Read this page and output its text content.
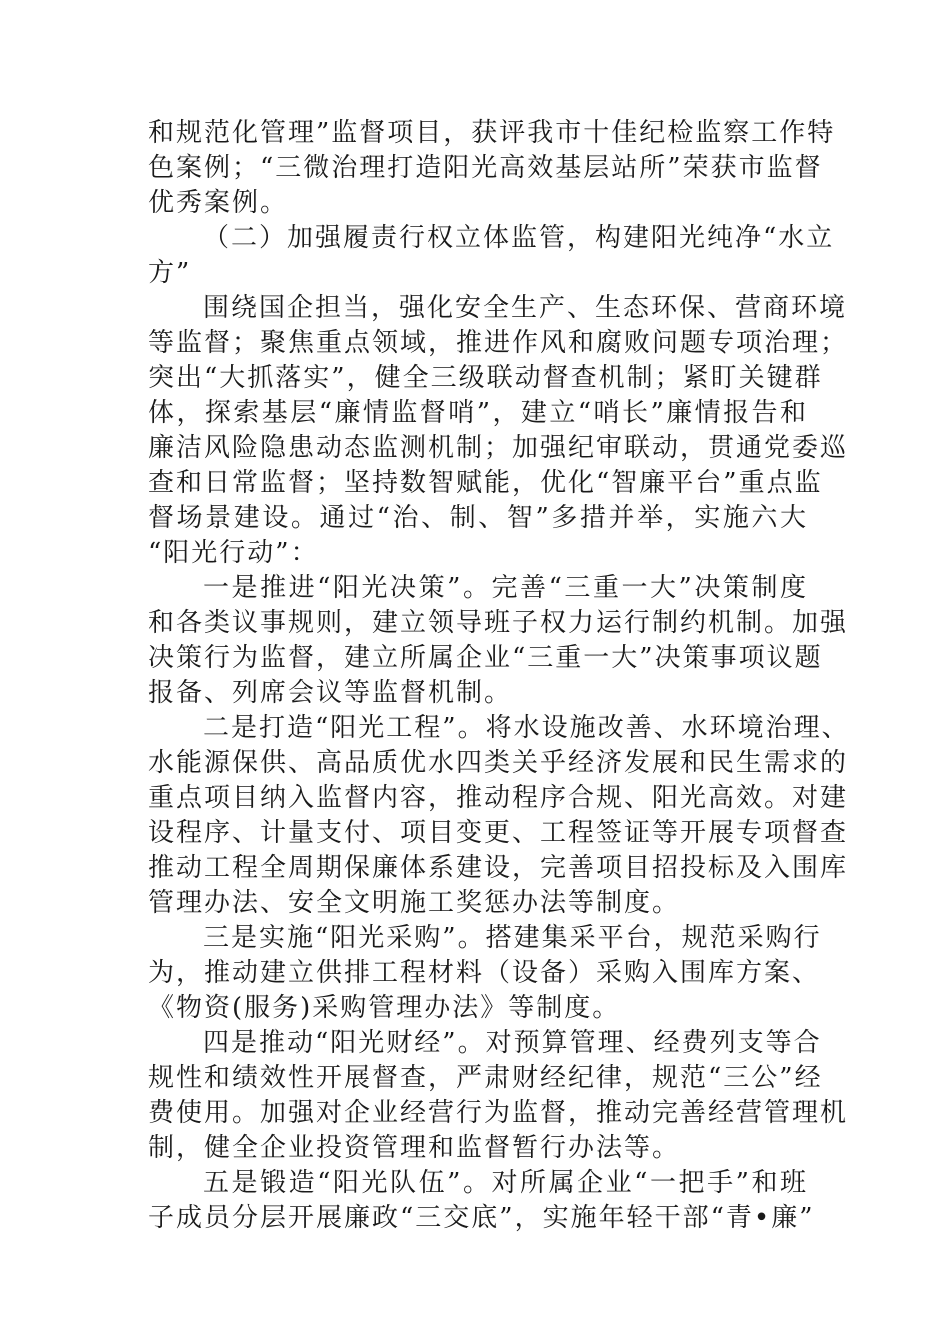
和规范化管理”监督项目，获评我市十佳纪检监察工作特
色案例；“三微治理打造阳光高效基层站所”荣获市监督
优秀案例。
（二）加强履责行权立体监管，构建阳光纯净“水立
方”
围绕国企担当，强化安全生产、生态环保、营商环境
等监督；聚焦重点领域，推进作风和腐败问题专项治理；
突出“大抓落实”，健全三级联动督查机制；紧盯关键群
体，探索基层“廉情监督哨”，建立“哨长”廉情报告和
廉洁风险隐患动态监测机制；加强纪审联动，贯通党委巡
查和日常监督；坚持数智赋能，优化“智廉平台”重点监
督场景建设。通过“治、制、智”多措并举，实施六大
“阳光行动”：
一是推进“阳光决策”。完善“三重一大”决策制度
和各类议事规则，建立领导班子权力运行制约机制。加强
决策行为监督，建立所属企业“三重一大”决策事项议题
报备、列席会议等监督机制。
二是打造“阳光工程”。将水设施改善、水环境治理、
水能源保供、高品质优水四类关乎经济发展和民生需求的
重点项目纳入监督内容，推动程序合规、阳光高效。对建
设程序、计量支付、项目变更、工程签证等开展专项督查
推动工程全周期保廉体系建设，完善项目招投标及入围库
管理办法、安全文明施工奖惩办法等制度。
三是实施“阳光采购”。搭建集采平台，规范采购行
为，推动建立供排工程材料（设备）采购入围库方案、
《物资(服务)采购管理办法》等制度。
四是推动“阳光财经”。对预算管理、经费列支等合
规性和绩效性开展督查，严肃财经纪律，规范“三公”经
费使用。加强对企业经营行为监督，推动完善经营管理机
制，健全企业投资管理和监督暂行办法等。
五是锻造“阳光队伍”。对所属企业“一把手”和班
子成员分层开展廉政“三交底”，实施年轻干部“青•廉”
